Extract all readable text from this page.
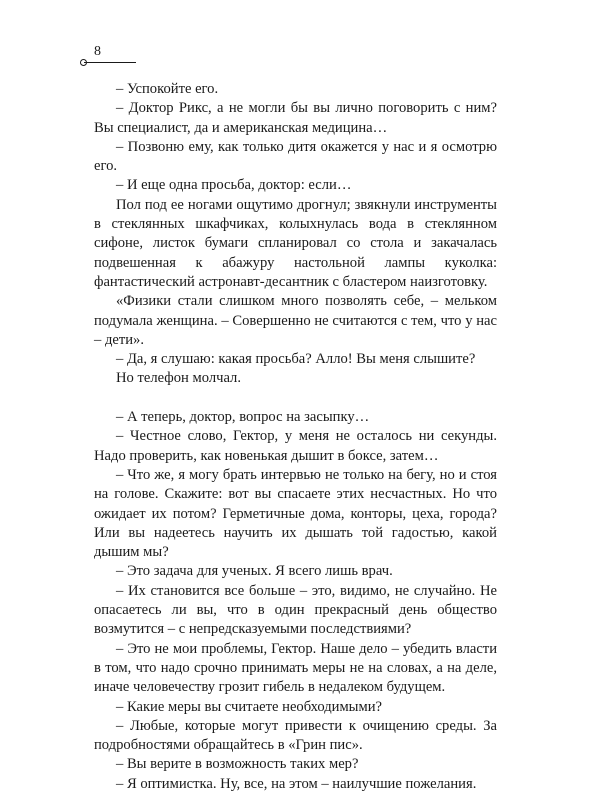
8

– Успокойте его.

– Доктор Рикс, а не могли бы вы лично поговорить с ним? Вы специалист, да и американская медицина…

– Позвоню ему, как только дитя окажется у нас и я осмотрю его.

– И еще одна просьба, доктор: если…

Пол под ее ногами ощутимо дрогнул; звякнули инструменты в стеклянных шкафчиках, колыхнулась вода в стеклянном сифоне, листок бумаги спланировал со стола и закачалась подвешенная к абажуру настольной лампы куколка: фантастический астронавт-десантник с бластером наизготовку.

«Физики стали слишком много позволять себе, – мельком подумала женщина. – Совершенно не считаются с тем, что у нас – дети».

– Да, я слушаю: какая просьба? Алло! Вы меня слышите?

Но телефон молчал.

– А теперь, доктор, вопрос на засыпку…

– Честное слово, Гектор, у меня не осталось ни секунды. Надо проверить, как новенькая дышит в боксе, затем…

– Что же, я могу брать интервью не только на бегу, но и стоя на голове. Скажите: вот вы спасаете этих несчастных. Но что ожидает их потом? Герметичные дома, конторы, цеха, города? Или вы надеетесь научить их дышать той гадостью, какой дышим мы?

– Это задача для ученых. Я всего лишь врач.

– Их становится все больше – это, видимо, не случайно. Не опасаетесь ли вы, что в один прекрасный день общество возмутится – с непредсказуемыми последствиями?

– Это не мои проблемы, Гектор. Наше дело – убедить власти в том, что надо срочно принимать меры не на словах, а на деле, иначе человечеству грозит гибель в недалеком будущем.

– Какие меры вы считаете необходимыми?

– Любые, которые могут привести к очищению среды. За подробностями обращайтесь в «Грин пис».

– Вы верите в возможность таких мер?

– Я оптимистка. Ну, все, на этом – наилучшие пожелания.
